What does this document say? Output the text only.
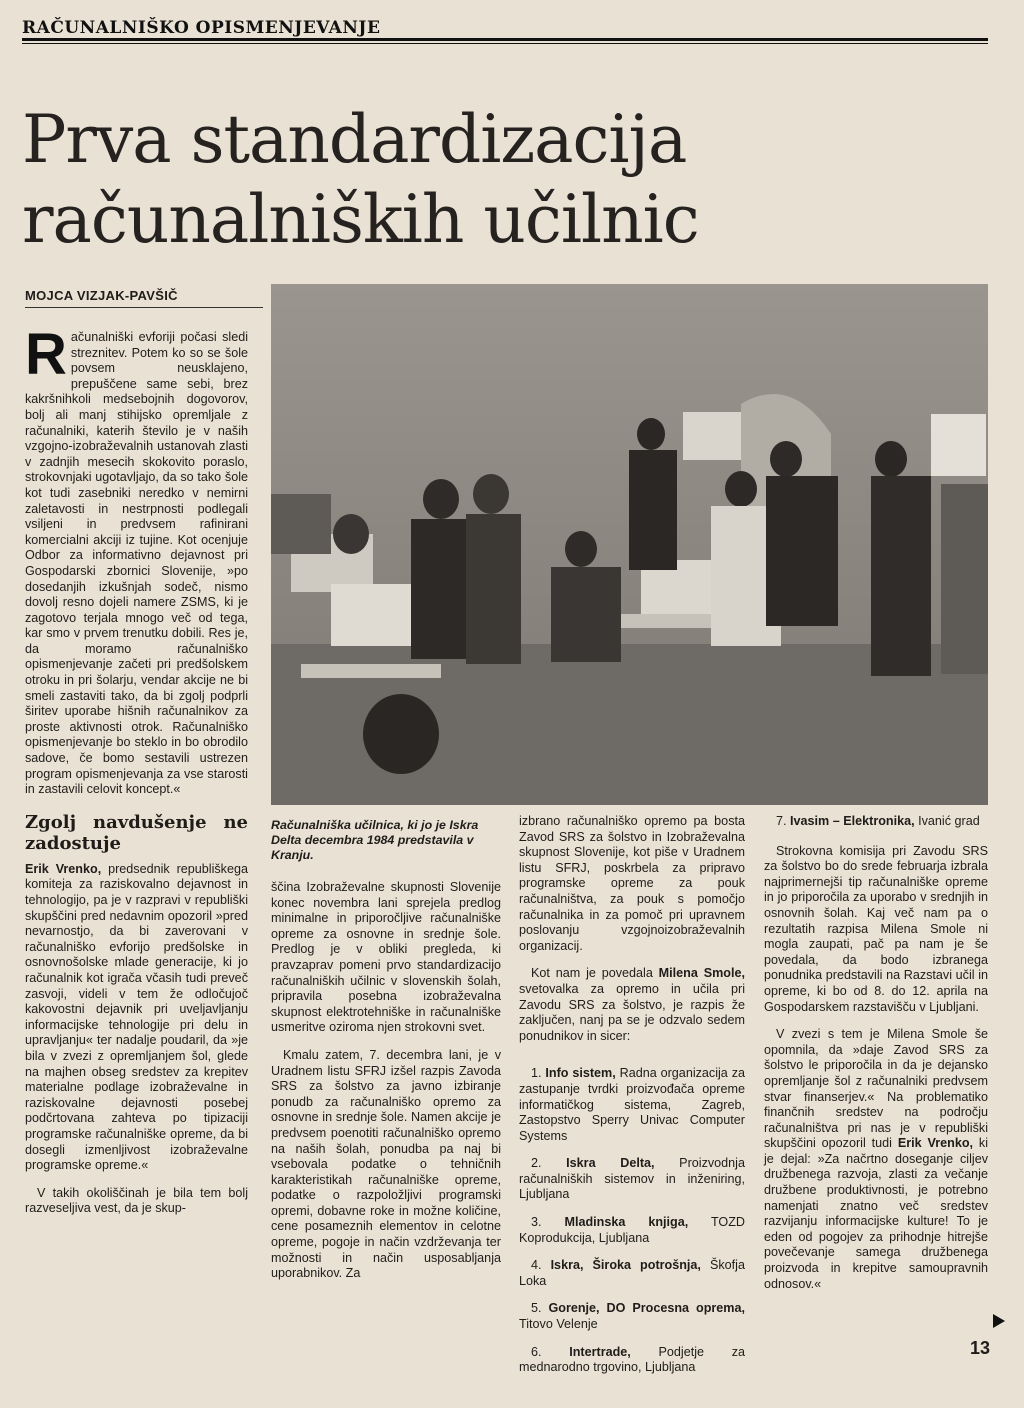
RAČUNALNIŠKO OPISMENJEVANJE
Prva standardizacija
računalniških učilnic
MOJCA VIZJAK-PAVŠIČ

Računalniški evforiji počasi sledi streznitev. Potem ko so se šole povsem neusklajeno, prepuščene same sebi, brez kakršnihkoli medsebojnih dogovorov, bolj ali manj stihijsko opremljale z računalniki, katerih število je v naših vzgojno-izobraževalnih ustanovah zlasti v zadnjih mesecih skokovito poraslo, strokovnjaki ugotavljajo, da so tako šole kot tudi zasebniki neredko v nemirni zaletavosti in nestrpnosti podlegali vsiljeni in predvsem rafinirani komercialni akciji iz tujine. Kot ocenjuje Odbor za informativno dejavnost pri Gospodarski zbornici Slovenije, »po dosedanjih izkušnjah sodeč, nismo dovolj resno dojeli namere ZSMS, ki je zagotovo terjala mnogo več od tega, kar smo v prvem trenutku dobili. Res je, da moramo računalniško opismenjevanje začeti pri predšolskem otroku in pri šolarju, vendar akcije ne bi smeli zastaviti tako, da bi zgolj podprli širitev uporabe hišnih računalnikov za proste aktivnosti otrok. Računalniško opismenjevanje bo steklo in bo obrodilo sadove, če bomo sestavili ustrezen program opismenjevanja za vse starosti in zastavili celovit koncept.«

Zgolj navdušenje ne zadostuje

Erik Vrenko, predsednik republiškega komiteja za raziskovalno dejavnost in tehnologijo, pa je v razpravi v republiški skupščini pred nedavnim opozoril »pred nevarnostjo, da bi zaverovani v računalniško evforijo predšolske in osnovnošolske mlade generacije, ki jo računalnik kot igrača včasih tudi preveč zasvoji, videli v tem že odločujoč kakovostni dejavnik pri uveljavljanju informacijske tehnologije pri delu in upravljanju« ter nadalje poudaril, da »je bila v zvezi z opremljanjem šol, glede na majhen obseg sredstev za krepitev materialne podlage izobraževalne in raziskovalne dejavnosti posebej podčrtovana zahteva po tipizaciji programske računalniške opreme, da bi dosegli izmenljivost izobraževalne programske opreme.«

V takih okoliščinah je bila tem bolj razveseljiva vest, da je skup-

Računalniška učilnica, ki jo je Iskra Delta decembra 1984 predstavila v Kranju.

ščina Izobraževalne skupnosti Slovenije konec novembra lani sprejela predlog minimalne in priporočljive računalniške opreme za osnovne in srednje šole. Predlog je v obliki pregleda, ki pravzaprav pomeni prvo standardizacijo računalniških učilnic v slovenskih šolah, pripravila posebna izobraževalna skupnost elektrotehniške in računalniške usmeritve oziroma njen strokovni svet.

Kmalu zatem, 7. decembra lani, je v Uradnem listu SFRJ izšel razpis Zavoda SRS za šolstvo za javno izbiranje ponudb za računalniško opremo za osnovne in srednje šole. Namen akcije je predvsem poenotiti računalniško opremo na naših šolah, ponudba pa naj bi vsebovala podatke o tehničnih karakteristikah računalniške opreme, podatke o razpoložljivi programski opremi, dobavne roke in možne količine, cene posameznih elementov in celotne opreme, pogoje in način vzdrževanja ter možnosti in način usposabljanja uporabnikov. Za

izbrano računalniško opremo pa bosta Zavod SRS za šolstvo in Izobraževalna skupnost Slovenije, kot piše v Uradnem listu SFRJ, poskrbela za pripravo programske opreme za pouk računalništva, za pouk s pomočjo računalnika in za pomoč pri upravnem poslovanju vzgojnoizobraževalnih organizacij.

Kot nam je povedala Milena Smole, svetovalka za opremo in učila pri Zavodu SRS za šolstvo, je razpis že zaključen, nanj pa se je odzvalo sedem ponudnikov in sicer:

1. Info sistem, Radna organizacija za zastupanje tvrdki proizvođača opreme informatičkog sistema, Zagreb, Zastopstvo Sperry Univac Computer Systems

2. Iskra Delta, Proizvodnja računalniških sistemov in inženiring, Ljubljana

3. Mladinska knjiga, TOZD Koprodukcija, Ljubljana

4. Iskra, Široka potrošnja, Škofja Loka

5. Gorenje, DO Procesna oprema, Titovo Velenje

6. Intertrade, Podjetje za mednarodno trgovino, Ljubljana

7. Ivasim – Elektronika, Ivanić grad

Strokovna komisija pri Zavodu SRS za šolstvo bo do srede februarja izbrala najprimernejši tip računalniške opreme in jo priporočila za uporabo v srednjih in osnovnih šolah. Kaj več nam pa o rezultatih razpisa Milena Smole ni mogla zaupati, pač pa nam je še povedala, da bodo izbranega ponudnika predstavili na Razstavi učil in opreme, ki bo od 8. do 12. aprila na Gospodarskem razstavišču v Ljubljani.

V zvezi s tem je Milena Smole še opomnila, da »daje Zavod SRS za šolstvo le priporočila in da je dejansko opremljanje šol z računalniki predvsem stvar finanserjev.« Na problematiko finančnih sredstev na področju računalništva pri nas je v republiški skupščini opozoril tudi Erik Vrenko, ki je dejal: »Za načrtno doseganje ciljev družbenega razvoja, zlasti za večanje družbene produktivnosti, je potrebno namenjati znatno več sredstev razvijanju informacijske kulture! To je eden od pogojev za prihodnje hitrejše povečevanje samega družbenega proizvoda in krepitve samoupravnih odnosov.«

13
